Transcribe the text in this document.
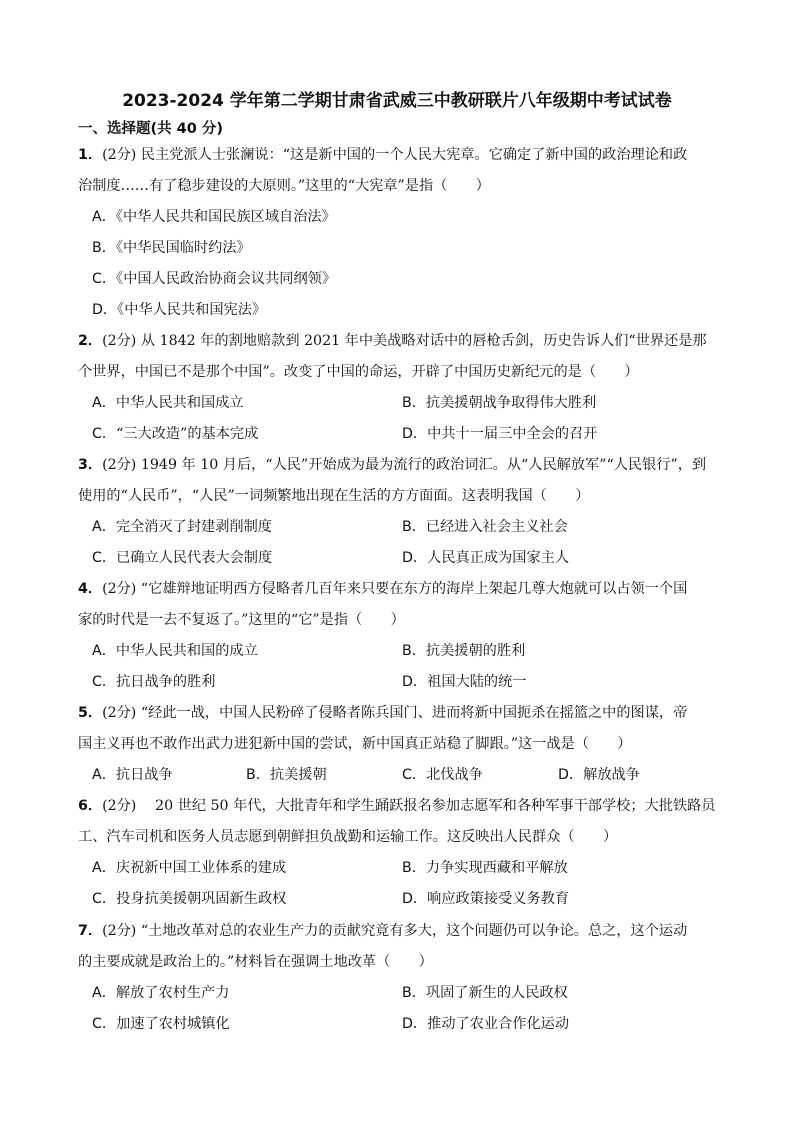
2023-2024 学年第二学期甘肃省武威三中教研联片八年级期中考试试卷
一、选择题(共 40 分)
1．(2分) 民主党派人士张澜说：“这是新中国的一个人民大宪章。它确定了新中国的政治理论和政
治制度……有了稳步建设的大原则。”这里的“大宪章”是指（　　）
A．《中华人民共和国民族区域自治法》
B．《中华民国临时约法》
C．《中国人民政治协商会议共同纲领》
D．《中华人民共和国宪法》
2．(2分) 从 1842 年的割地赔款到 2021 年中美战略对话中的唇枪舌剑，历史告诉人们“世界还是那
个世界，中国已不是那个中国”。改变了中国的命运，开辟了中国历史新纪元的是（　　）
A．中华人民共和国成立	B．抗美援朝战争取得伟大胜利
C．“三大改造”的基本完成	D．中共十一届三中全会的召开
3．(2分) 1949 年 10 月后，“人民”开始成为最为流行的政治词汇。从“人民解放军”“人民银行”，到
使用的“人民币”，“人民”一词频繁地出现在生活的方方面面。这表明我国（　　）
A．完全消灭了封建剥削制度	B．已经进入社会主义社会
C．已确立人民代表大会制度	D．人民真正成为国家主人
4．(2分) “它雄辩地证明西方侵略者几百年来只要在东方的海岸上架起几尊大炮就可以占领一个国
家的时代是一去不复返了。”这里的“它”是指（　　）
A．中华人民共和国的成立	B．抗美援朝的胜利
C．抗日战争的胜利	D．祖国大陆的统一
5．(2分) “经此一战，中国人民粉碎了侵略者陈兵国门、进而将新中国扼杀在摇篮之中的图谋，帝
国主义再也不敢作出武力进犯新中国的尝试，新中国真正站稳了脚跟。”这一战是（　　）
A．抗日战争	B．抗美援朝	C．北伐战争	D．解放战争
6．(2分) 　20 世纪 50 年代，大批青年和学生踊跃报名参加志愿军和各种军事干部学校；大批铁路员
工、汽车司机和医务人员志愿到朝鲜担负战勤和运输工作。这反映出人民群众（　　）
A．庆祝新中国工业体系的建成	B．力争实现西藏和平解放
C．投身抗美援朝巩固新生政权	D．响应政策接受义务教育
7．(2分) “土地改革对总的农业生产力的贡献究竟有多大，这个问题仍可以争论。总之，这个运动
的主要成就是政治上的。”材料旨在强调土地改革（　　）
A．解放了农村生产力	B．巩固了新生的人民政权
C．加速了农村城镇化	D．推动了农业合作化运动
